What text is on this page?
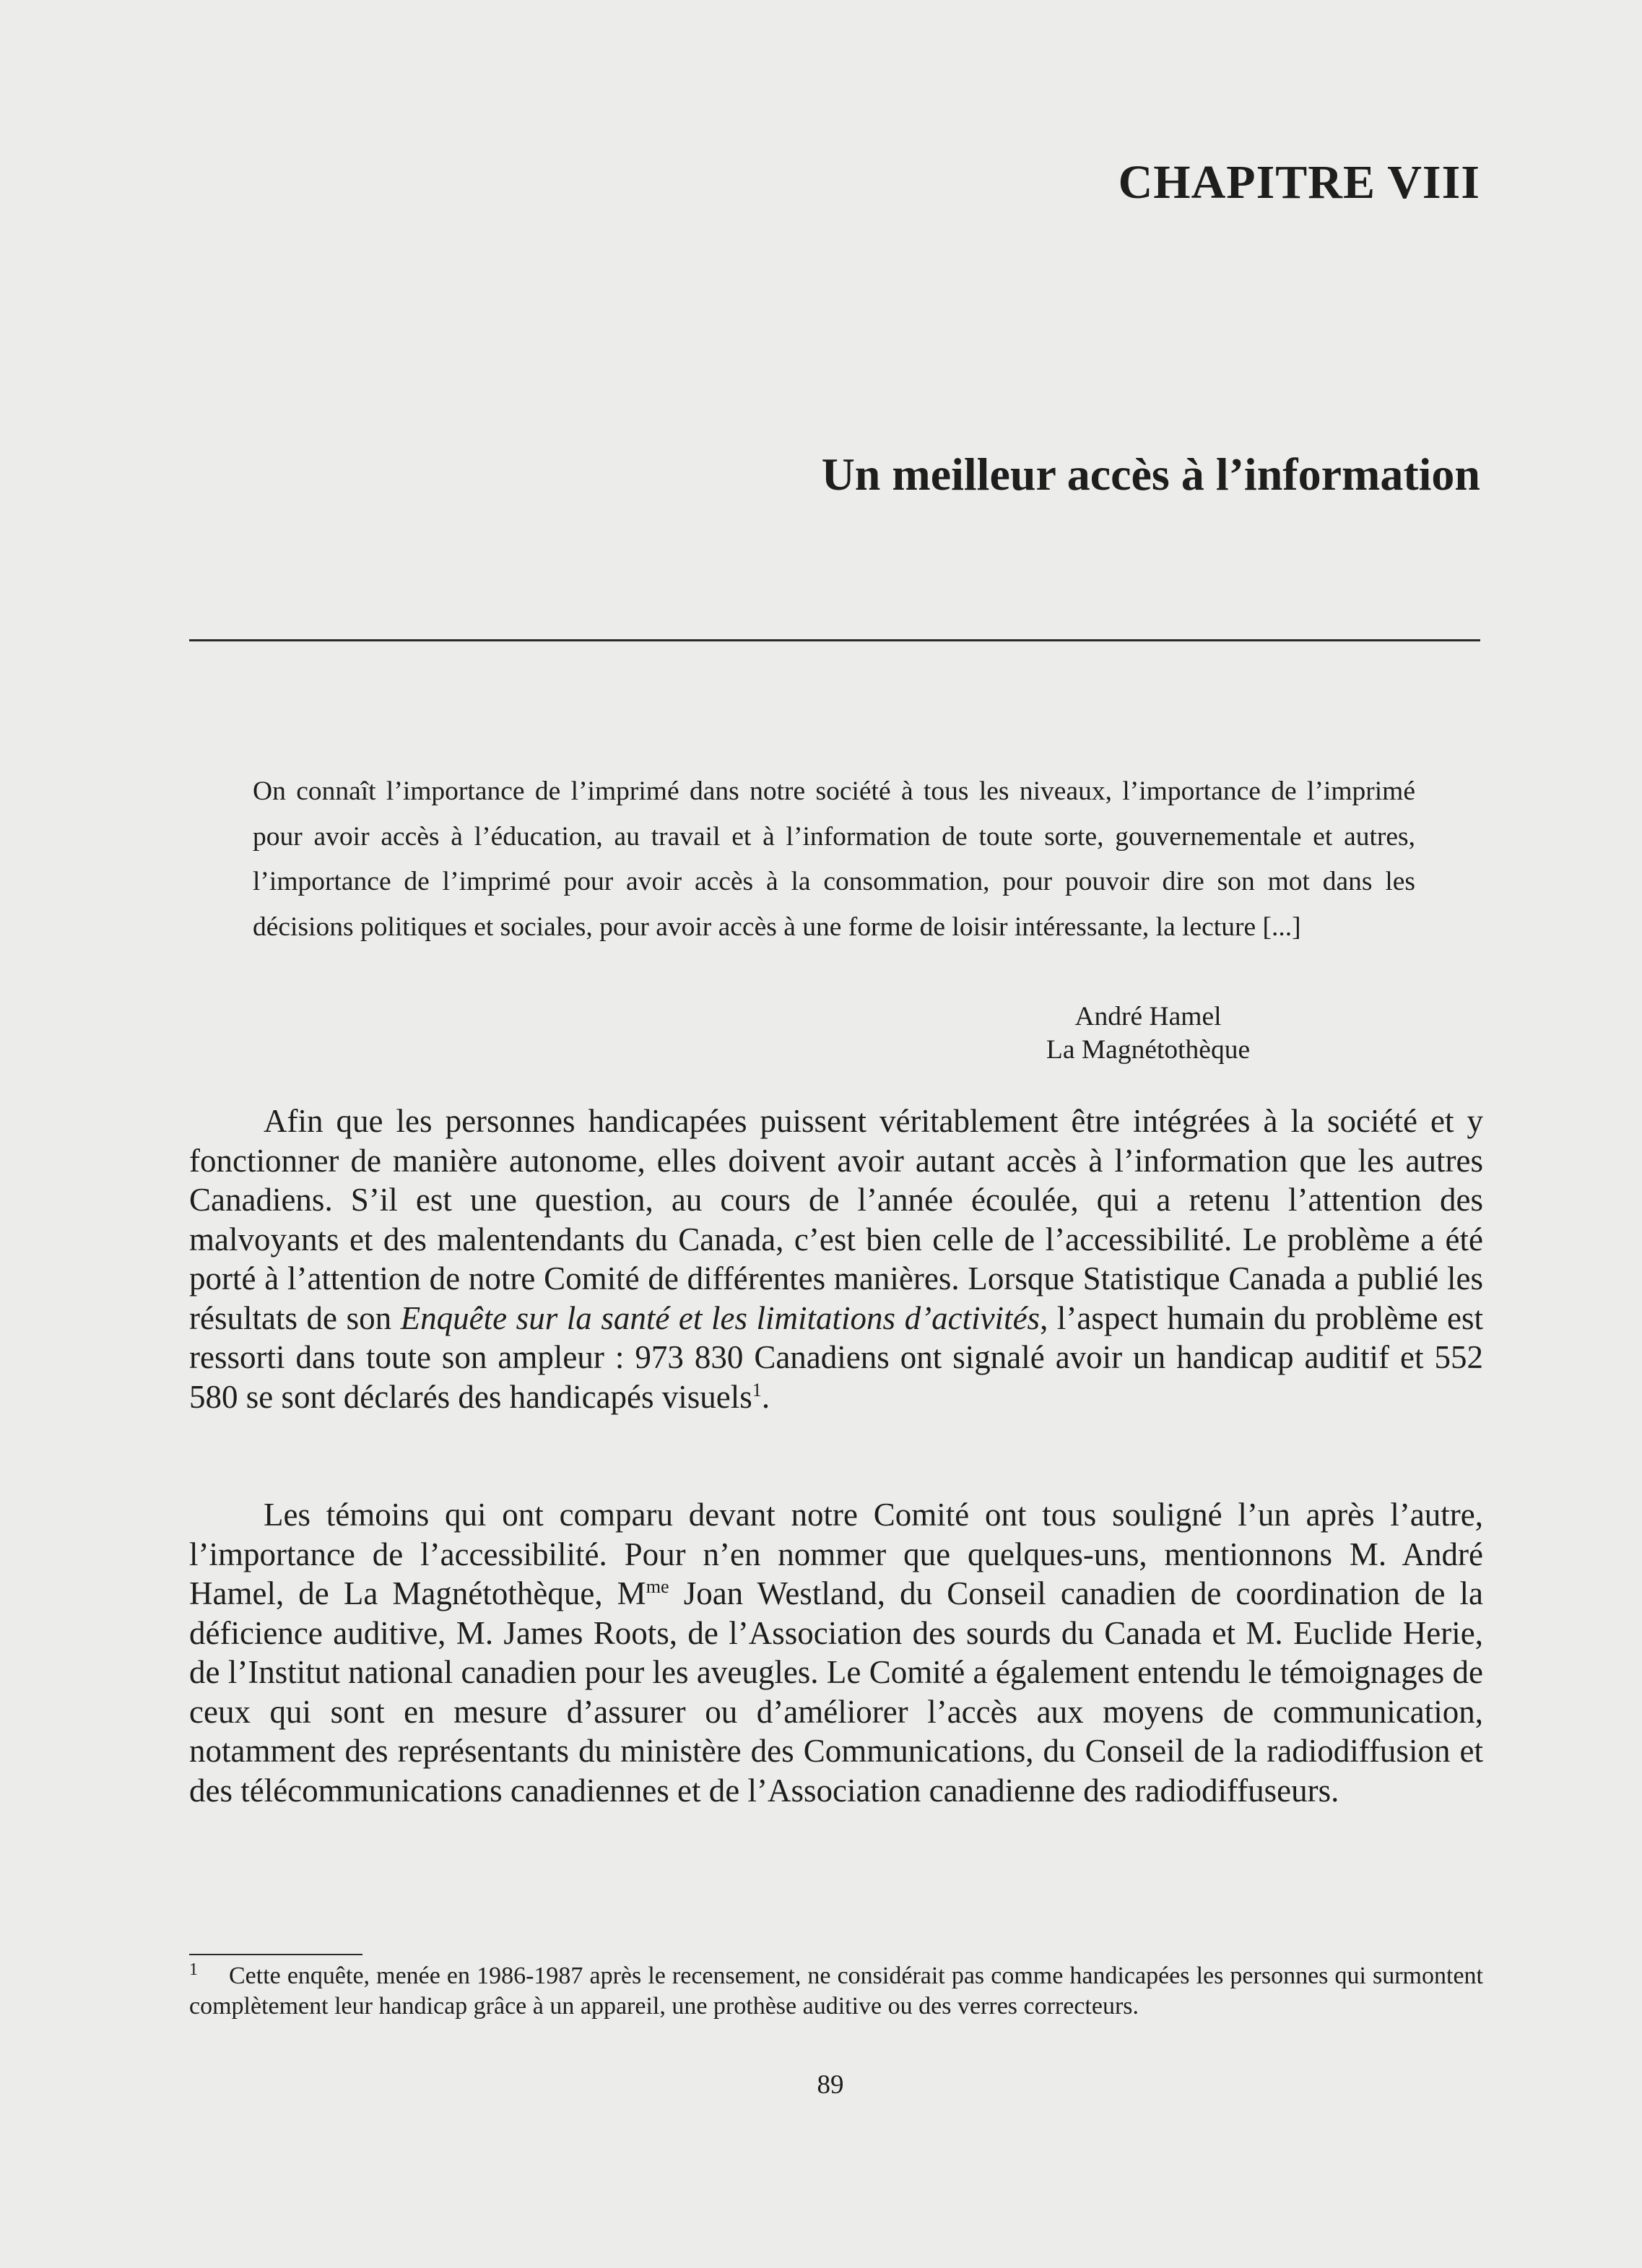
CHAPITRE VIII
Un meilleur accès à l’information

On connaît l’importance de l’imprimé dans notre société à tous les niveaux, l’importance de l’imprimé pour avoir accès à l’éducation, au travail et à l’information de toute sorte, gouvernementale et autres, l’importance de l’imprimé pour avoir accès à la consommation, pour pouvoir dire son mot dans les décisions politiques et sociales, pour avoir accès à une forme de loisir intéressante, la lecture [...]

André Hamel
La Magnétothèque

Afin que les personnes handicapées puissent véritablement être intégrées à la société et y fonctionner de manière autonome, elles doivent avoir autant accès à l’information que les autres Canadiens. S’il est une question, au cours de l’année écoulée, qui a retenu l’attention des malvoyants et des malentendants du Canada, c’est bien celle de l’accessibilité. Le problème a été porté à l’attention de notre Comité de différentes manières. Lorsque Statistique Canada a publié les résultats de son Enquête sur la santé et les limitations d’activités, l’aspect humain du problème est ressorti dans toute son ampleur : 973 830 Canadiens ont signalé avoir un handicap auditif et 552 580 se sont déclarés des handicapés visuels$^1$.

Les témoins qui ont comparu devant notre Comité ont tous souligné l’un après l’autre, l’importance de l’accessibilité. Pour n’en nommer que quelques-uns, mentionnons M. André Hamel, de La Magnétothèque, $M^{me}$ Joan Westland, du Conseil canadien de coordination de la déficience auditive, M. James Roots, de l’Association des sourds du Canada et M. Euclide Herie, de l’Institut national canadien pour les aveugles. Le Comité a également entendu le témoignages de ceux qui sont en mesure d’assurer ou d’améliorer l’accès aux moyens de communication, notamment des représentants du ministère des Communications, du Conseil de la radiodiffusion et des télécommunications canadiennes et de l’Association canadienne des radiodiffuseurs.

1 Cette enquête, menée en 1986-1987 après le recensement, ne considérait pas comme handicapées les personnes qui surmontent complètement leur handicap grâce à un appareil, une prothèse auditive ou des verres correcteurs.

89
